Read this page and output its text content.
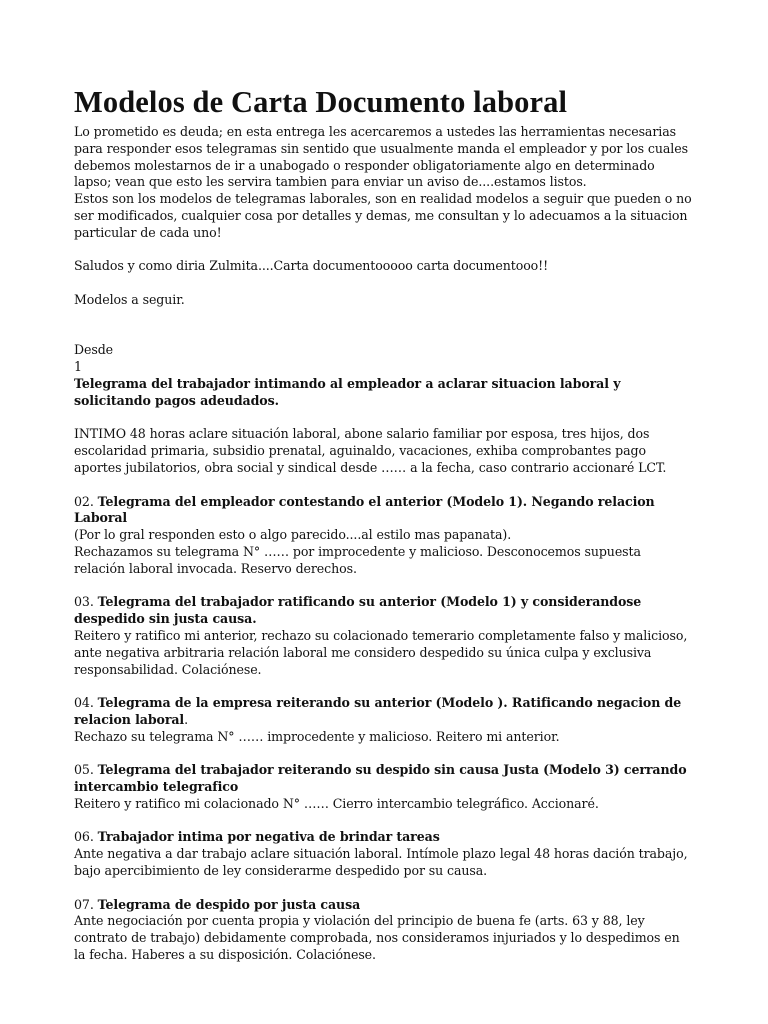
Modelos de Carta Documento laboral

Lo prometido es deuda; en esta entrega les acercaremos a ustedes las herramientas necesarias para responder esos telegramas sin sentido que usualmente manda el empleador y por los cuales debemos molestarnos de ir a unabogado o responder obligatoriamente algo en determinado lapso; vean que esto les servira tambien para enviar un aviso de....estamos listos.

Estos son los modelos de telegramas laborales, son en realidad modelos a seguir que pueden o no ser modificados, cualquier cosa por detalles y demas, me consultan y lo adecuamos a la situacion particular de cada uno!

Saludos y como diria Zulmita....Carta documentooooo carta documentooo!!

Modelos a seguir.

Desde

1
Telegrama del trabajador intimando al empleador a aclarar situacion laboral y solicitando pagos adeudados.
INTIMO 48 horas aclare situación laboral, abone salario familiar por esposa, tres hijos, dos escolaridad primaria, subsidio prenatal, aguinaldo, vacaciones, exhiba comprobantes pago aportes jubilatorios, obra social y sindical desde …… a la fecha, caso contrario accionaré LCT.
02. Telegrama del empleador contestando el anterior (Modelo 1). Negando relacion Laboral
(Por lo gral responden esto o algo parecido....al estilo mas papanata).
Rechazamos su telegrama N° …… por improcedente y malicioso. Desconocemos supuesta relación laboral invocada. Reservo derechos.
03. Telegrama del trabajador ratificando su anterior (Modelo 1) y considerandose despedido sin justa causa.
Reitero y ratifico mi anterior, rechazo su colacionado temerario completamente falso y malicioso, ante negativa arbitraria relación laboral me considero despedido su única culpa y exclusiva responsabilidad. Colaciónese.
04. Telegrama de la empresa reiterando su anterior (Modelo ). Ratificando negacion de relacion laboral.
Rechazo su telegrama N° …… improcedente y malicioso. Reitero mi anterior.
05. Telegrama del trabajador reiterando su despido sin causa Justa (Modelo 3) cerrando intercambio telegrafico
Reitero y ratifico mi colacionado N° …… Cierro intercambio telegráfico. Accionaré.
06. Trabajador intima por negativa de brindar tareas
Ante negativa a dar trabajo aclare situación laboral. Intímole plazo legal 48 horas dación trabajo, bajo apercibimiento de ley considerarme despedido por su causa.
07. Telegrama de despido por justa causa
Ante negociación por cuenta propia y violación del principio de buena fe (arts. 63 y 88, ley contrato de trabajo) debidamente comprobada, nos consideramos injuriados y lo despedimos en la fecha. Haberes a su disposición. Colaciónese.
